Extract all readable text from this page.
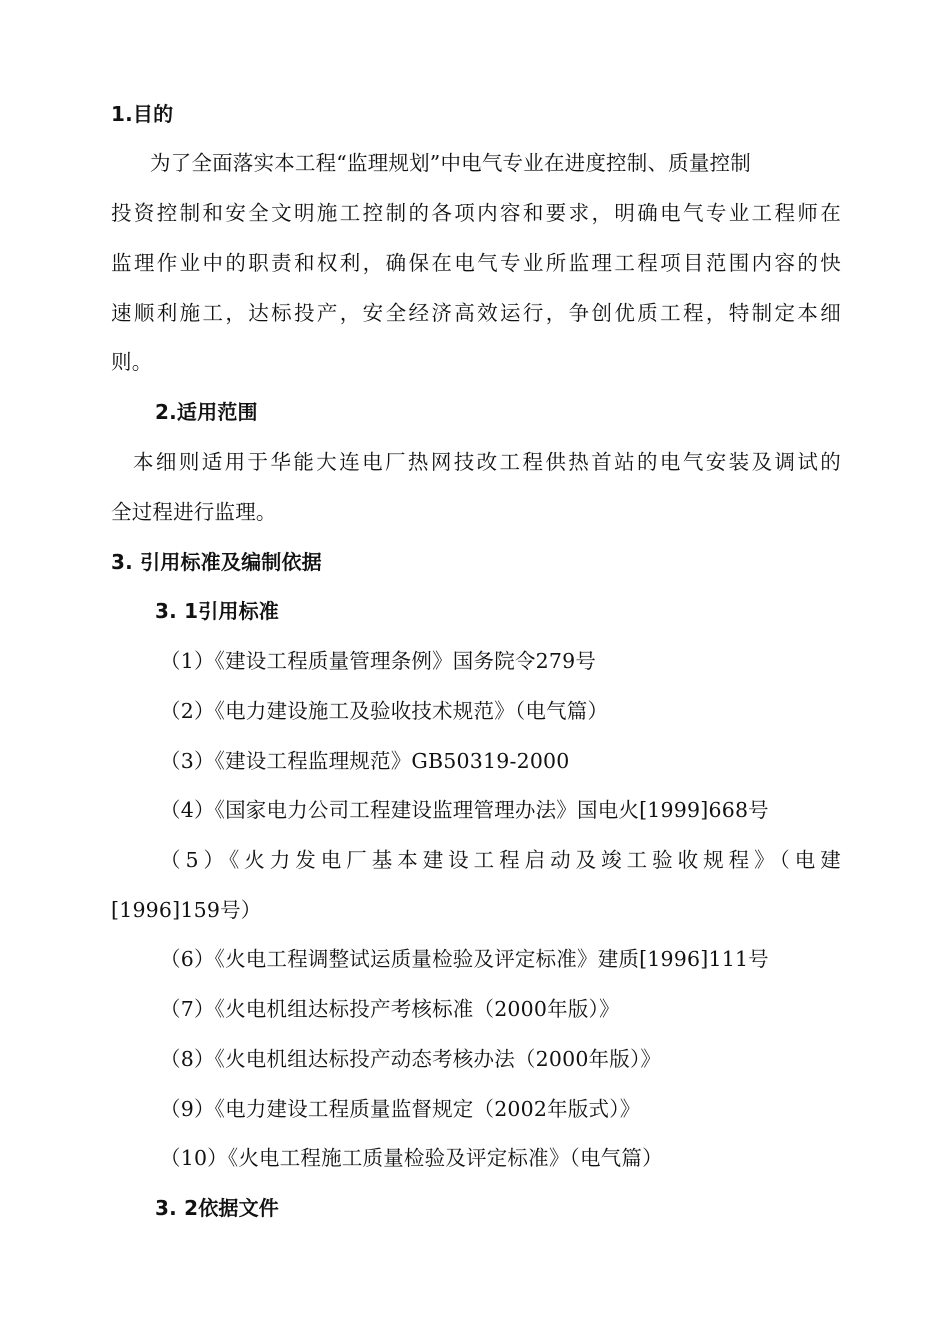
1.目的
为了全面落实本工程“监理规划”中电气专业在进度控制、质量控制
投资控制和安全文明施工控制的各项内容和要求，明确电气专业工程师在
监理作业中的职责和权利，确保在电气专业所监理工程项目范围内容的快
速顺利施工，达标投产，安全经济高效运行，争创优质工程，特制定本细
则。
2.适用范围
本细则适用于华能大连电厂热网技改工程供热首站的电气安装及调试的
全过程进行监理。
3. 引用标准及编制依据
3. 1引用标准
（1）《建设工程质量管理条例》国务院令279号
（2）《电力建设施工及验收技术规范》（电气篇）
（3）《建设工程监理规范》GB50319-2000
（4）《国家电力公司工程建设监理管理办法》国电火[1999]668号
（5）《火力发电厂基本建设工程启动及竣工验收规程》（电建
[1996]159号）
（6）《火电工程调整试运质量检验及评定标准》建质[1996]111号
（7）《火电机组达标投产考核标准（2000年版）》
（8）《火电机组达标投产动态考核办法（2000年版）》
（9）《电力建设工程质量监督规定（2002年版式）》
（10）《火电工程施工质量检验及评定标准》（电气篇）
3. 2依据文件
